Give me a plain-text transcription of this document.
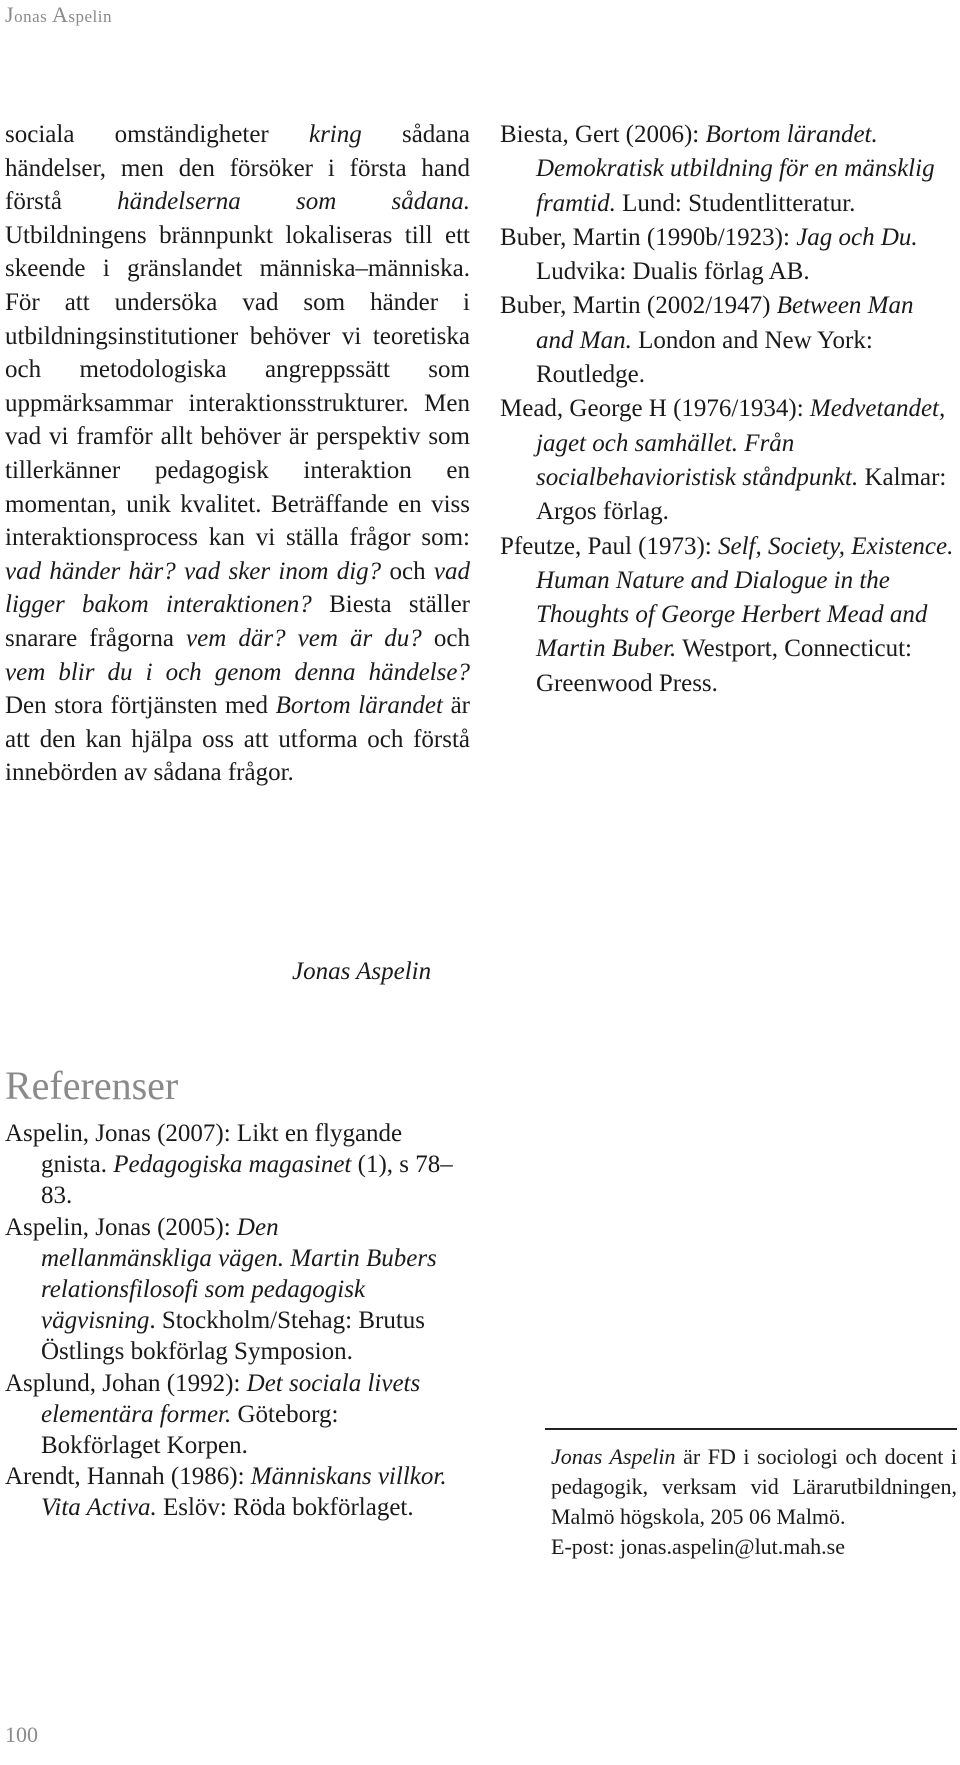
Jonas Aspelin

sociala omständigheter kring sådana händelser, men den försöker i första hand förstå händelserna som sådana. Utbildningens brännpunkt lokaliseras till ett skeende i gränslandet människa–människa. För att undersöka vad som händer i utbildningsinstitutioner behöver vi teoretiska och metodologiska angreppssätt som uppmärksammar interaktionsstrukturer. Men vad vi framför allt behöver är perspektiv som tillerkänner pedagogisk interaktion en momentan, unik kvalitet. Beträffande en viss interaktionsprocess kan vi ställa frågor som: vad händer här? vad sker inom dig? och vad ligger bakom interaktionen? Biesta ställer snarare frågorna vem där? vem är du? och vem blir du i och genom denna händelse? Den stora förtjänsten med Bortom lärandet är att den kan hjälpa oss att utforma och förstå innebörden av sådana frågor.

Jonas Aspelin
Referenser
Aspelin, Jonas (2007): Likt en flygande gnista. Pedagogiska magasinet (1), s 78–83.
Aspelin, Jonas (2005): Den mellanmänskliga vägen. Martin Bubers relationsfilosofi som pedagogisk vägvisning. Stockholm/Stehag: Brutus Östlings bokförlag Symposion.
Asplund, Johan (1992): Det sociala livets elementära former. Göteborg: Bokförlaget Korpen.
Arendt, Hannah (1986): Människans villkor. Vita Activa. Eslöv: Röda bokförlaget.
Biesta, Gert (2006): Bortom lärandet. Demokratisk utbildning för en mänsklig framtid. Lund: Studentlitteratur.
Buber, Martin (1990b/1923): Jag och Du. Ludvika: Dualis förlag AB.
Buber, Martin (2002/1947) Between Man and Man. London and New York: Routledge.
Mead, George H (1976/1934): Medvetandet, jaget och samhället. Från socialbehavioristisk ståndpunkt. Kalmar: Argos förlag.
Pfeutze, Paul (1973): Self, Society, Existence. Human Nature and Dialogue in the Thoughts of George Herbert Mead and Martin Buber. Westport, Connecticut: Greenwood Press.

Jonas Aspelin är FD i sociologi och docent i pedagogik, verksam vid Lärarutbildningen, Malmö högskola, 205 06 Malmö.

E-post: jonas.aspelin@lut.mah.se

100
